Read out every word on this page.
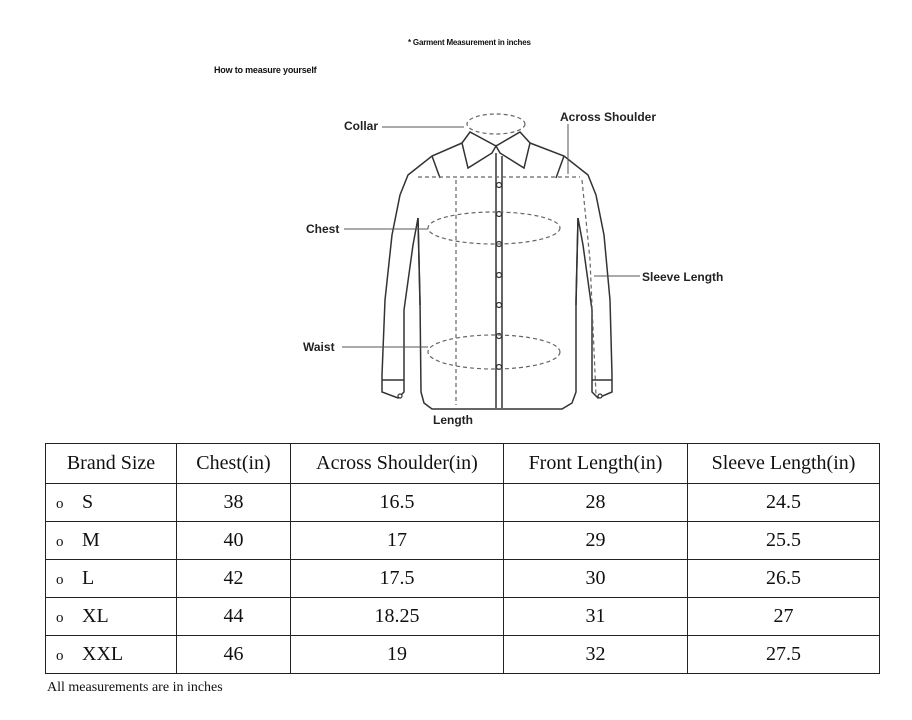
* Garment Measurement in inches
How to measure yourself
Collar
Across Shoulder
Chest
Sleeve Length
Waist
Length
Brand Size	Chest(in)	Across Shoulder(in)	Front Length(in)	Sleeve Length(in)
o S	38	16.5	28	24.5
o M	40	17	29	25.5
o L	42	17.5	30	26.5
o XL	44	18.25	31	27
o XXL	46	19	32	27.5
All measurements are in inches
